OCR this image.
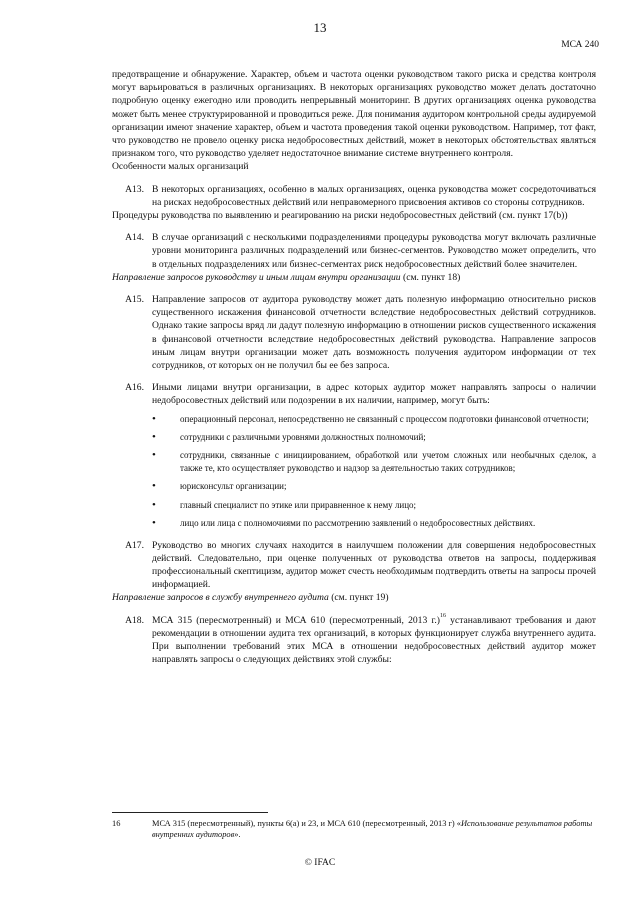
13
МСА 240

предотвращение и обнаружение. Характер, объем и частота оценки руководством такого риска и средства контроля могут варьироваться в различных организациях. В некоторых организациях руководство может делать достаточно подробную оценку ежегодно или проводить непрерывный мониторинг. В других организациях оценка руководства может быть менее структурированной и проводиться реже. Для понимания аудитором контрольной среды аудируемой организации имеют значение характер, объем и частота проведения такой оценки руководством. Например, тот факт, что руководство не провело оценку риска недобросовестных действий, может в некоторых обстоятельствах являться признаком того, что руководство уделяет недостаточное внимание системе внутреннего контроля.

Особенности малых организаций

A13. В некоторых организациях, особенно в малых организациях, оценка руководства может сосредоточиваться на рисках недобросовестных действий или неправомерного присвоения активов со стороны сотрудников.

Процедуры руководства по выявлению и реагированию на риски недобросовестных действий (см. пункт 17(b))

A14. В случае организаций с несколькими подразделениями процедуры руководства могут включать различные уровни мониторинга различных подразделений или бизнес-сегментов. Руководство может определить, что в отдельных подразделениях или бизнес-сегментах риск недобросовестных действий более значителен.

Направление запросов руководству и иным лицам внутри организации (см. пункт 18)

A15. Направление запросов от аудитора руководству может дать полезную информацию относительно рисков существенного искажения финансовой отчетности вследствие недобросовестных действий сотрудников. Однако такие запросы вряд ли дадут полезную информацию в отношении рисков существенного искажения в финансовой отчетности вследствие недобросовестных действий руководства. Направление запросов иным лицам внутри организации может дать возможность получения аудитором информации от тех сотрудников, от которых он не получил бы ее без запроса.
A16. Иными лицами внутри организации, в адрес которых аудитор может направлять запросы о наличии недобросовестных действий или подозрении в их наличии, например, могут быть:
•	операционный персонал, непосредственно не связанный с процессом подготовки финансовой отчетности;
•	сотрудники с различными уровнями должностных полномочий;
•	сотрудники, связанные с инициированием, обработкой или учетом сложных или необычных сделок, а также те, кто осуществляет руководство и надзор за деятельностью таких сотрудников;
•	юрисконсульт организации;
•	главный специалист по этике или приравненное к нему лицо;
•	лицо или лица с полномочиями по рассмотрению заявлений о недобросовестных действиях.
A17. Руководство во многих случаях находится в наилучшем положении для совершения недобросовестных действий. Следовательно, при оценке полученных от руководства ответов на запросы, поддерживая профессиональный скептицизм, аудитор может счесть необходимым подтвердить ответы на запросы прочей информацией.

Направление запросов в службу внутреннего аудита (см. пункт 19)

A18. МСА 315 (пересмотренный) и МСА 610 (пересмотренный, 2013 г.)$^{16}$ устанавливают требования и дают рекомендации в отношении аудита тех организаций, в которых функционирует служба внутреннего аудита. При выполнении требований этих МСА в отношении недобросовестных действий аудитор может направлять запросы о следующих действиях этой службы:
16	МСА 315 (пересмотренный), пункты 6(а) и 23, и МСА 610 (пересмотренный, 2013 г) «Использование результатов работы внутренних аудиторов».
© IFAC
